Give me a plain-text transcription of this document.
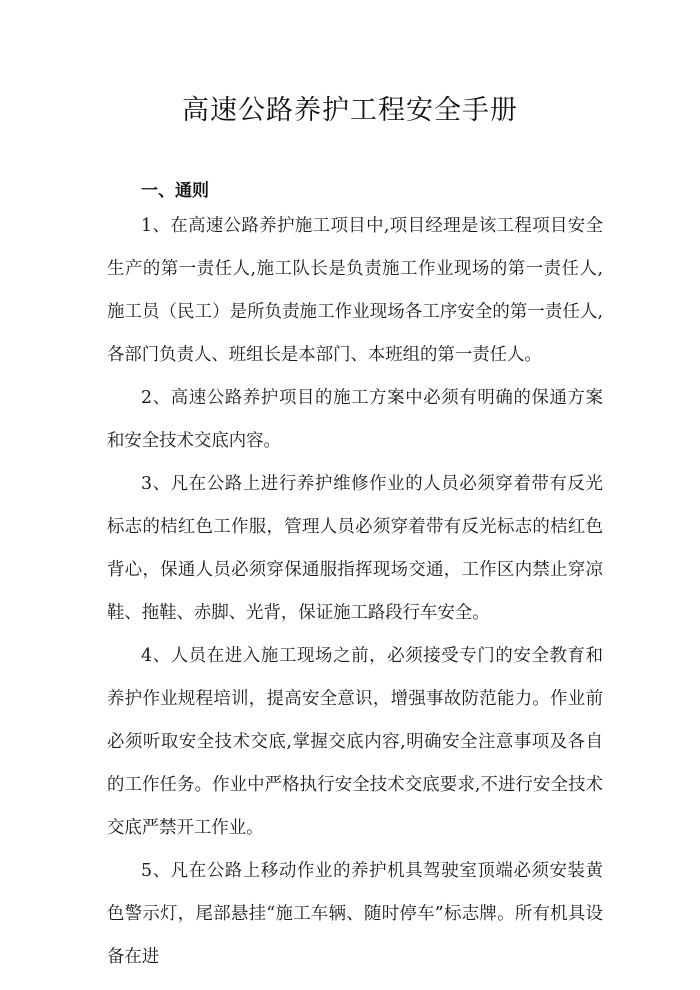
高速公路养护工程安全手册
一、通则

1、在高速公路养护施工项目中,项目经理是该工程项目安全生产的第一责任人,施工队长是负责施工作业现场的第一责任人,施工员（民工）是所负责施工作业现场各工序安全的第一责任人,各部门负责人、班组长是本部门、本班组的第一责任人。

2、高速公路养护项目的施工方案中必须有明确的保通方案和安全技术交底内容。

3、凡在公路上进行养护维修作业的人员必须穿着带有反光标志的桔红色工作服，管理人员必须穿着带有反光标志的桔红色背心，保通人员必须穿保通服指挥现场交通，工作区内禁止穿凉鞋、拖鞋、赤脚、光背，保证施工路段行车安全。

4、人员在进入施工现场之前，必须接受专门的安全教育和养护作业规程培训，提高安全意识，增强事故防范能力。作业前必须听取安全技术交底,掌握交底内容,明确安全注意事项及各自的工作任务。作业中严格执行安全技术交底要求,不进行安全技术交底严禁开工作业。

5、凡在公路上移动作业的养护机具驾驶室顶端必须安装黄色警示灯，尾部悬挂“施工车辆、随时停车”标志牌。所有机具设备在进
